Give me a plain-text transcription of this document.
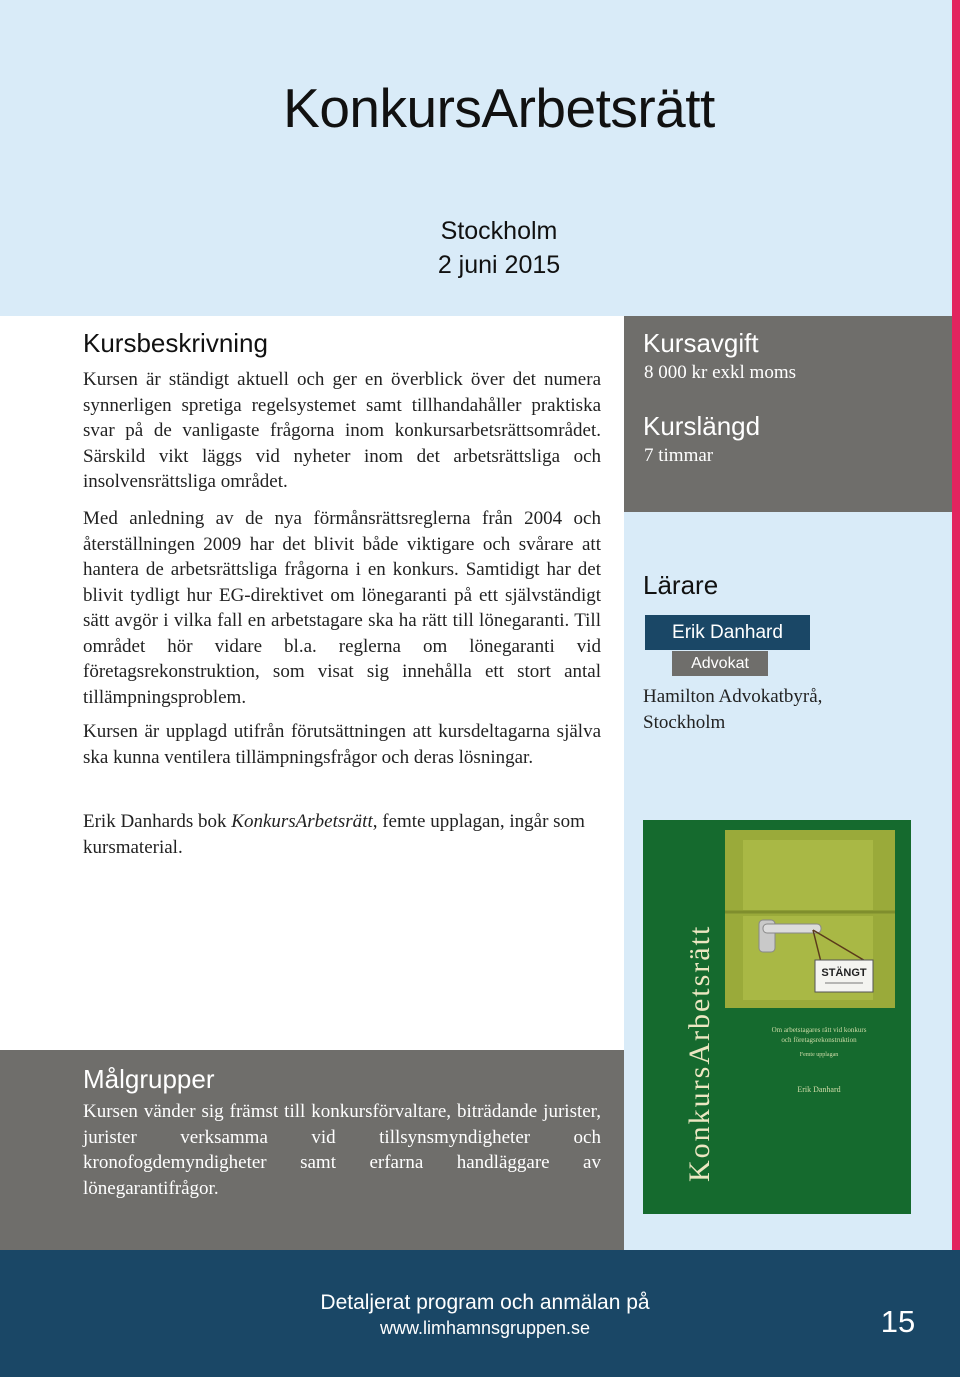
KonkursArbetsrätt
Stockholm
2 juni 2015
Kursbeskrivning
Kursen är ständigt aktuell och ger en överblick över det numera synnerligen spretiga regelsystemet samt tillhandahåller praktiska svar på de vanligaste frågorna inom konkursarbetsrättsområdet. Särskild vikt läggs vid nyheter inom det arbetsrättsliga och insolvensrättsliga området.
Med anledning av de nya förmånsrättsreglerna från 2004 och återställningen 2009 har det blivit både viktigare och svårare att hantera de arbetsrättsliga frågorna i en konkurs. Samtidigt har det blivit tydligt hur EG-direktivet om lönegaranti på ett självständigt sätt avgör i vilka fall en arbetstagare ska ha rätt till lönegaranti. Till området hör vidare bl.a. reglerna om lönegaranti vid företagsrekonstruktion, som visat sig innehålla ett stort antal tillämpningsproblem.
Kursen är upplagd utifrån förutsättningen att kursdeltagarna själva ska kunna ventilera tillämpningsfrågor och deras lösningar.
Erik Danhards bok KonkursArbetsrätt, femte upplagan, ingår som kursmaterial.
Kursavgift
8 000 kr exkl moms
Kurslängd
7 timmar
Lärare
Erik Danhard
Advokat
Hamilton Advokatbyrå,
Stockholm
STÄNGT
KonkursArbetsrätt	Om arbetstagares rätt vid konkurs
och företagsrekonstruktion
Femte upplagan
Erik Danhard
Målgrupper
Kursen vänder sig främst till konkursförvaltare, biträdande jurister, jurister verksamma vid tillsynsmyndigheter och kronofogdemyndigheter samt erfarna handläggare av lönegarantifrågor.
Detaljerat program och anmälan på
www.limhamnsgruppen.se	15
